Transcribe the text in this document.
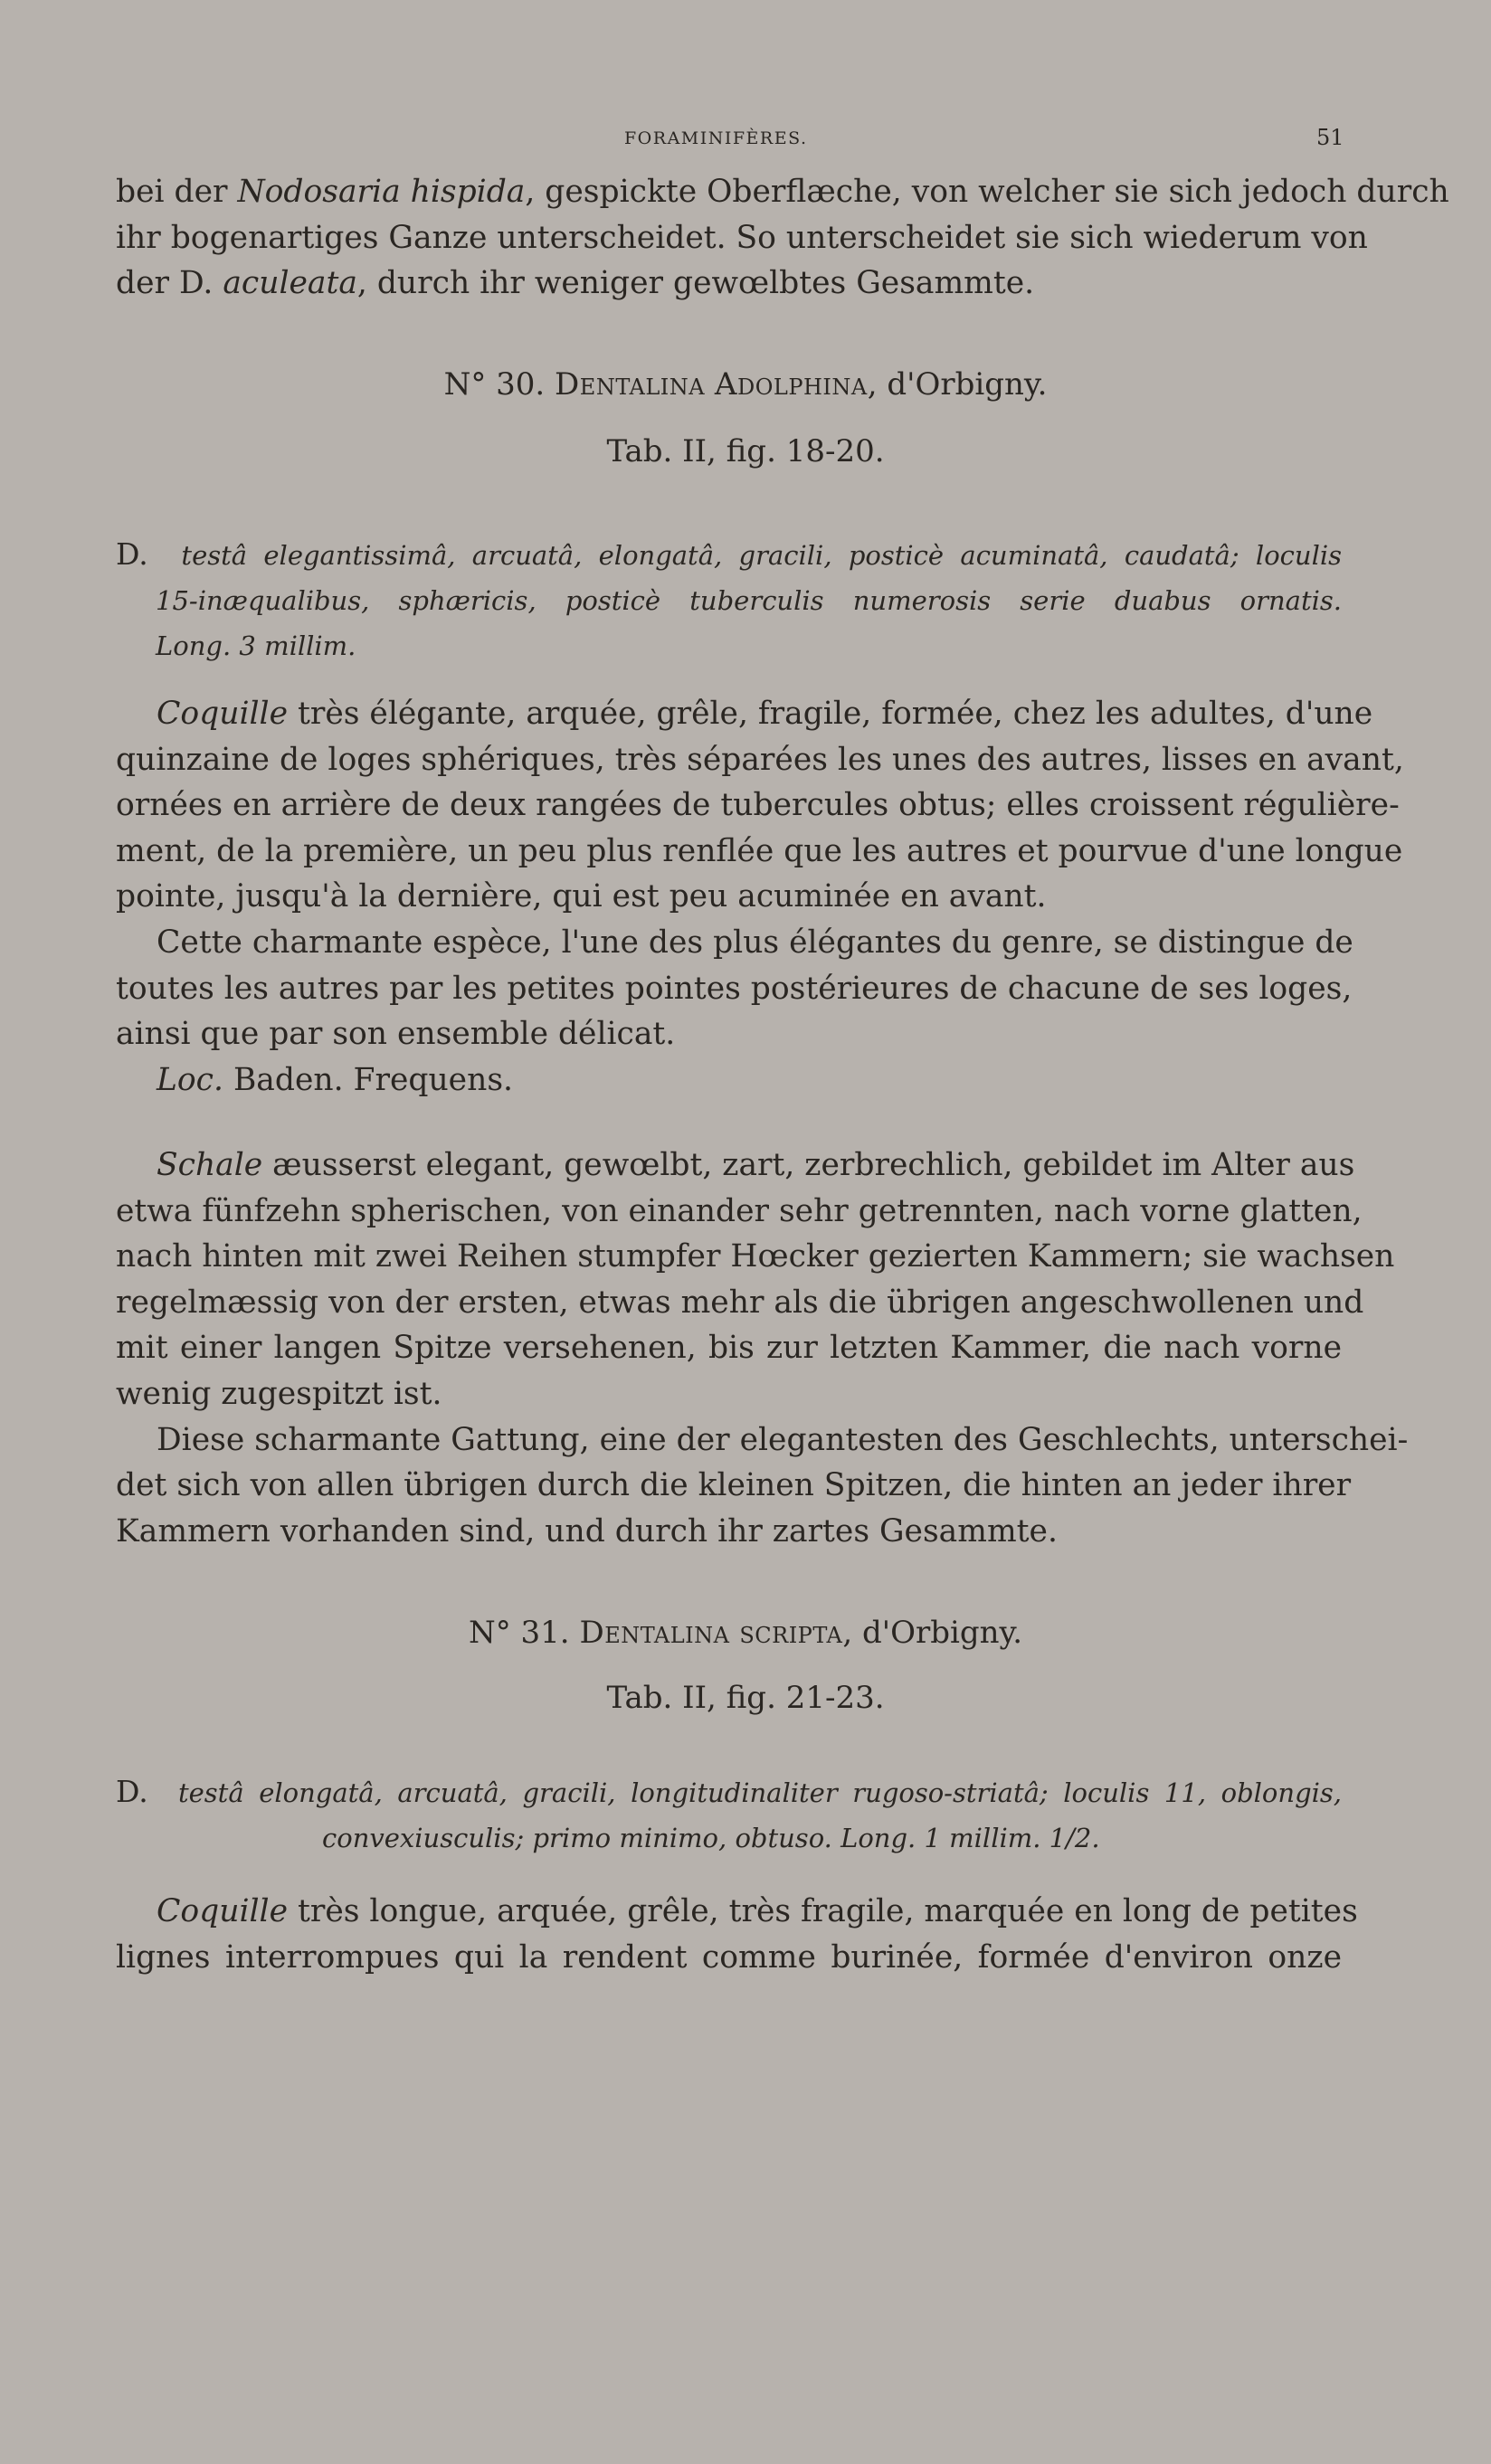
FORAMINIFÈRES.	51

bei der Nodosaria hispida, gespickte Oberflæche, von welcher sie sich jedoch durch

ihr bogenartiges Ganze unterscheidet. So unterscheidet sie sich wiederum von

der D. aculeata, durch ihr weniger gewœlbtes Gesammte.

N° 30. Dentalina Adolphina, d'Orbigny.
Tab. II, fig. 18-20.

D. testâ elegantissimâ, arcuatâ, elongatâ, gracili, posticè acuminatâ, caudatâ; loculis

15-inæqualibus, sphæricis, posticè tuberculis numerosis serie duabus ornatis.

Long. 3 millim.

Coquille très élégante, arquée, grêle, fragile, formée, chez les adultes, d'une

quinzaine de loges sphériques, très séparées les unes des autres, lisses en avant,

ornées en arrière de deux rangées de tubercules obtus; elles croissent régulière-

ment, de la première, un peu plus renflée que les autres et pourvue d'une longue

pointe, jusqu'à la dernière, qui est peu acuminée en avant.

Cette charmante espèce, l'une des plus élégantes du genre, se distingue de

toutes les autres par les petites pointes postérieures de chacune de ses loges,

ainsi que par son ensemble délicat.

Loc. Baden. Frequens.

Schale æusserst elegant, gewœlbt, zart, zerbrechlich, gebildet im Alter aus

etwa fünfzehn spherischen, von einander sehr getrennten, nach vorne glatten,

nach hinten mit zwei Reihen stumpfer Hœcker gezierten Kammern; sie wachsen

regelmæssig von der ersten, etwas mehr als die übrigen angeschwollenen und

mit einer langen Spitze versehenen, bis zur letzten Kammer, die nach vorne

wenig zugespitzt ist.

Diese scharmante Gattung, eine der elegantesten des Geschlechts, unterschei-

det sich von allen übrigen durch die kleinen Spitzen, die hinten an jeder ihrer

Kammern vorhanden sind, und durch ihr zartes Gesammte.

N° 31. Dentalina scripta, d'Orbigny.
Tab. II, fig. 21-23.

D. testâ elongatâ, arcuatâ, gracili, longitudinaliter rugoso-striatâ; loculis 11, oblongis,

convexiusculis; primo minimo, obtuso. Long. 1 millim. 1/2.

Coquille très longue, arquée, grêle, très fragile, marquée en long de petites

lignes interrompues qui la rendent comme burinée, formée d'environ onze
